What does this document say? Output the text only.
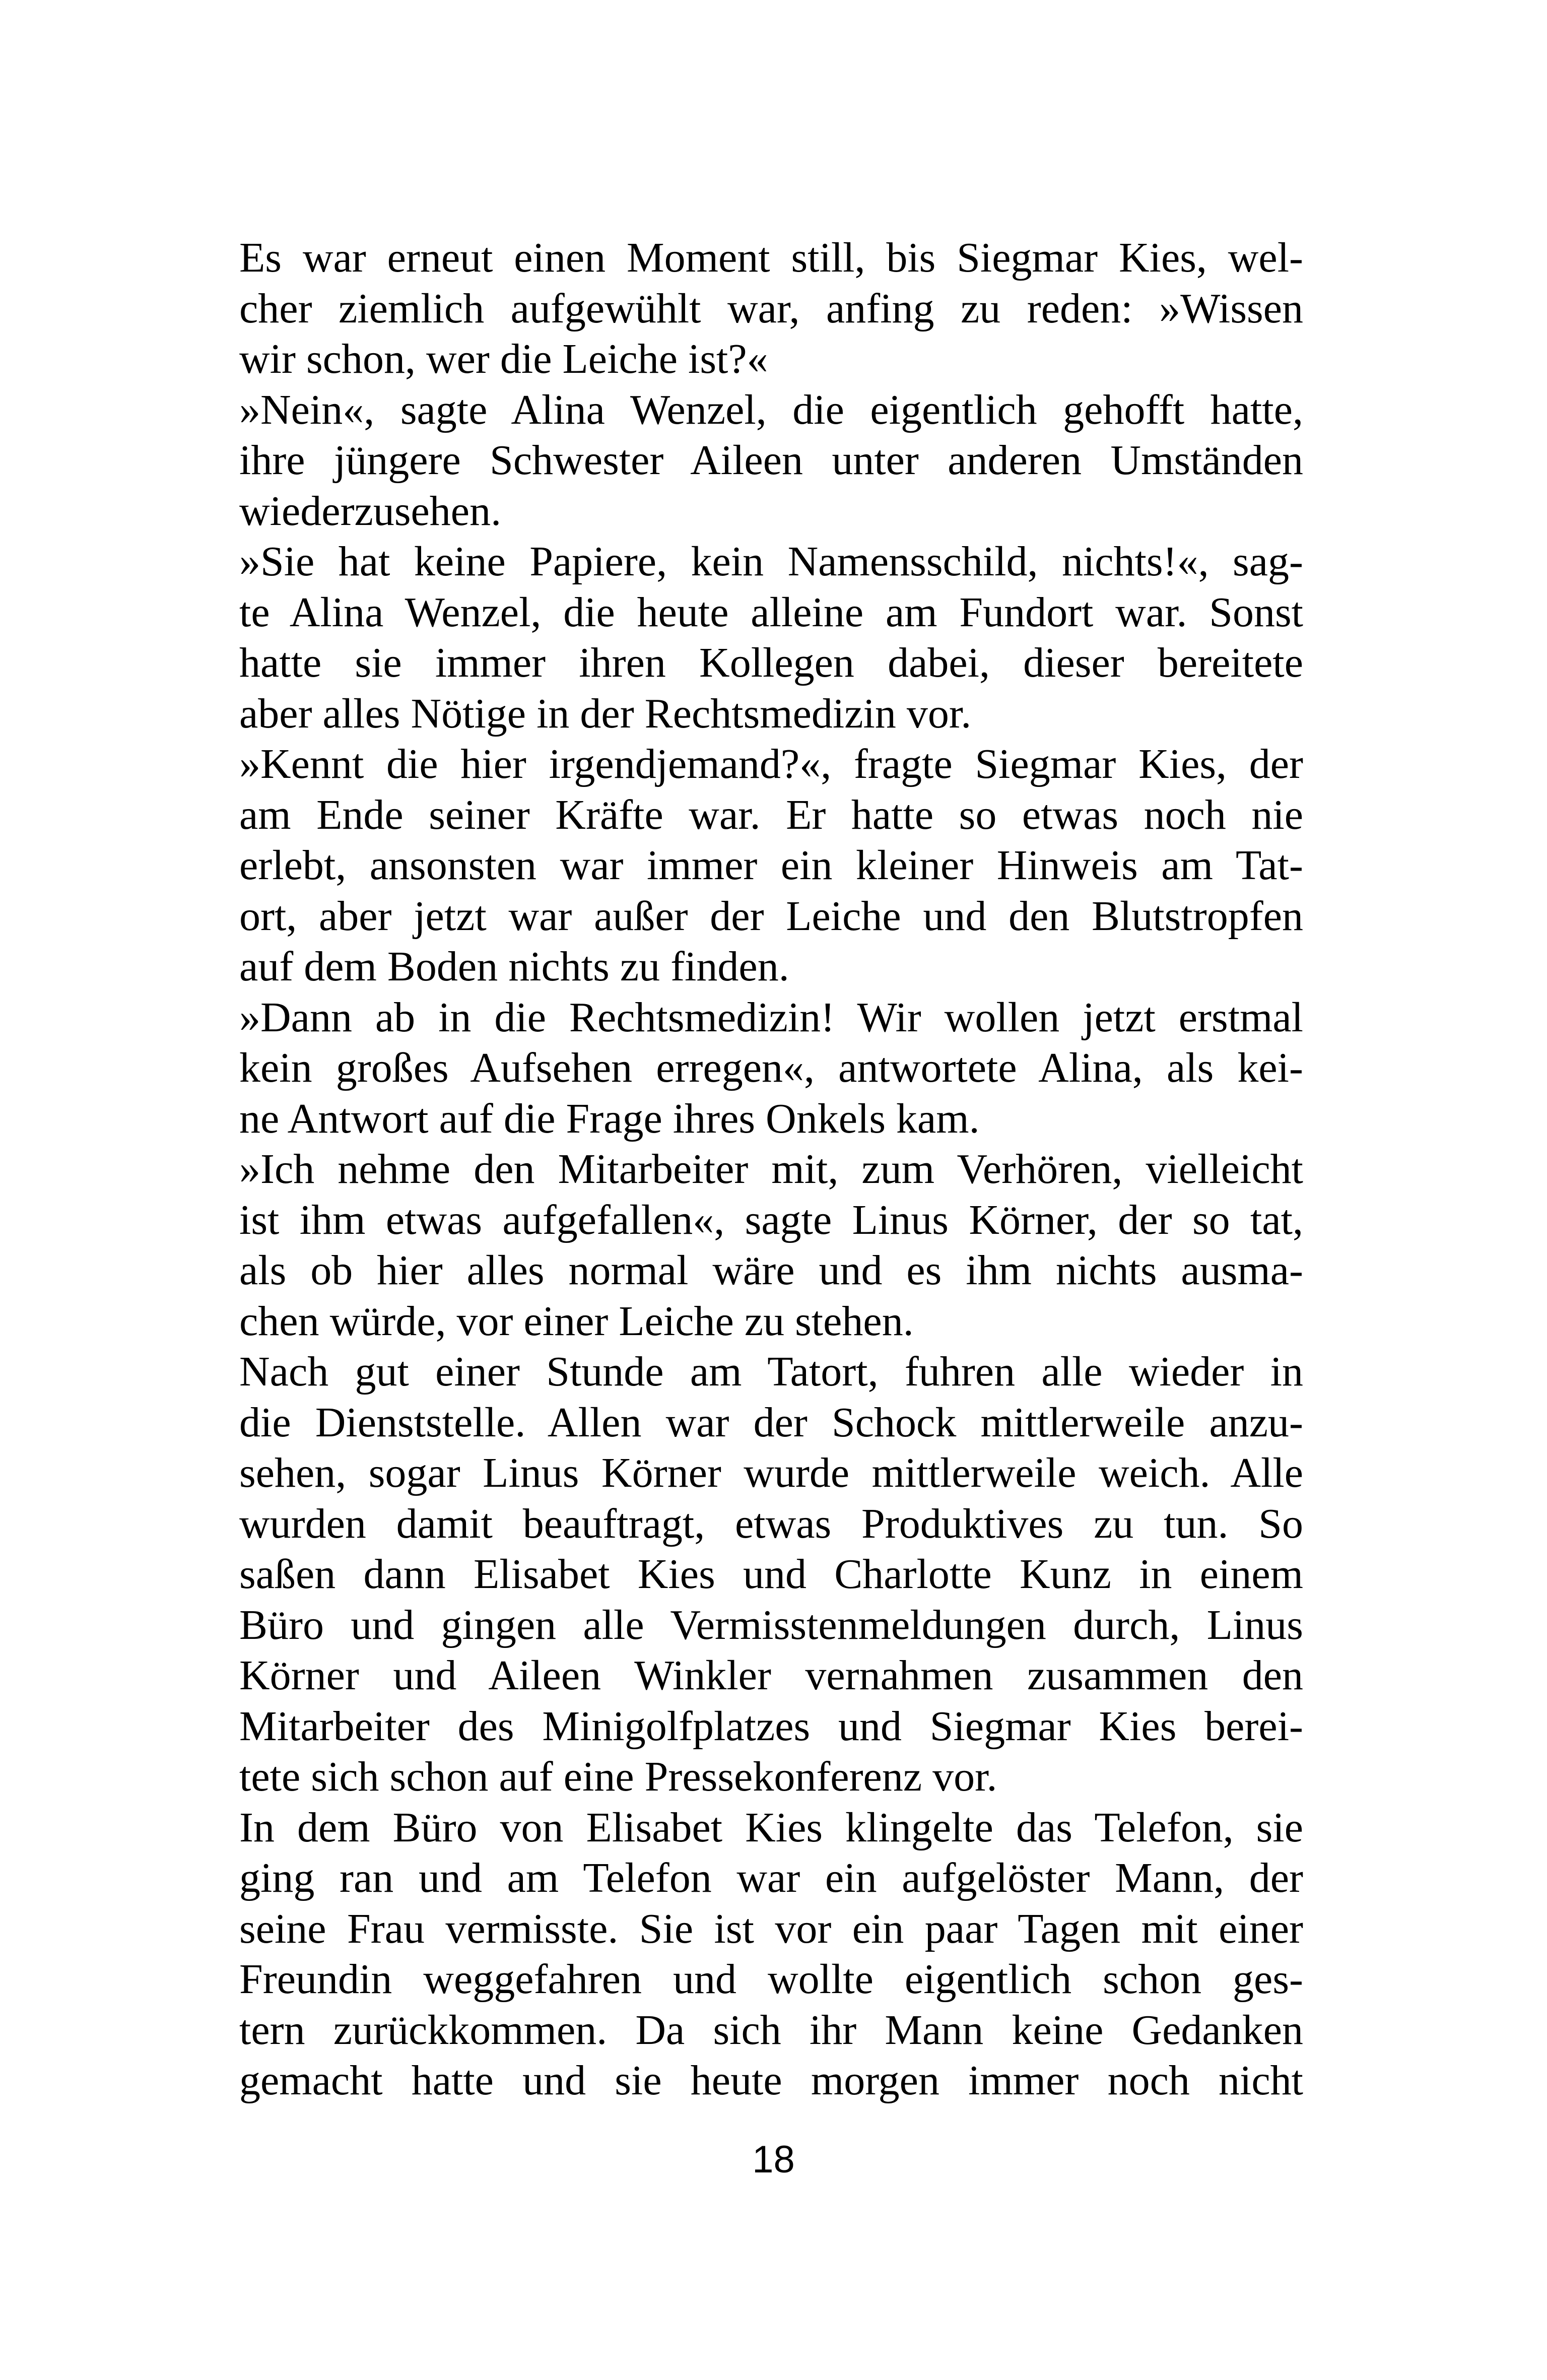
Es war erneut einen Moment still, bis Siegmar Kies, wel-
cher ziemlich aufgewühlt war, anfing zu reden: »Wissen
wir schon, wer die Leiche ist?«
»Nein«, sagte Alina Wenzel, die eigentlich gehofft hatte,
ihre jüngere Schwester Aileen unter anderen Umständen
wiederzusehen.
»Sie hat keine Papiere, kein Namensschild, nichts!«, sag-
te Alina Wenzel, die heute alleine am Fundort war. Sonst
hatte sie immer ihren Kollegen dabei, dieser bereitete
aber alles Nötige in der Rechtsmedizin vor.
»Kennt die hier irgendjemand?«, fragte Siegmar Kies, der
am Ende seiner Kräfte war. Er hatte so etwas noch nie
erlebt, ansonsten war immer ein kleiner Hinweis am Tat-
ort, aber jetzt war außer der Leiche und den Blutstropfen
auf dem Boden nichts zu finden.
»Dann ab in die Rechtsmedizin! Wir wollen jetzt erstmal
kein großes Aufsehen erregen«, antwortete Alina, als kei-
ne Antwort auf die Frage ihres Onkels kam.
»Ich nehme den Mitarbeiter mit, zum Verhören, vielleicht
ist ihm etwas aufgefallen«, sagte Linus Körner, der so tat,
als ob hier alles normal wäre und es ihm nichts ausma-
chen würde, vor einer Leiche zu stehen.
Nach gut einer Stunde am Tatort, fuhren alle wieder in
die Dienststelle. Allen war der Schock mittlerweile anzu-
sehen, sogar Linus Körner wurde mittlerweile weich. Alle
wurden damit beauftragt, etwas Produktives zu tun. So
saßen dann Elisabet Kies und Charlotte Kunz in einem
Büro und gingen alle Vermisstenmeldungen durch, Linus
Körner und Aileen Winkler vernahmen zusammen den
Mitarbeiter des Minigolfplatzes und Siegmar Kies berei-
tete sich schon auf eine Pressekonferenz vor.
In dem Büro von Elisabet Kies klingelte das Telefon, sie
ging ran und am Telefon war ein aufgelöster Mann, der
seine Frau vermisste. Sie ist vor ein paar Tagen mit einer
Freundin weggefahren und wollte eigentlich schon ges-
tern zurückkommen. Da sich ihr Mann keine Gedanken
gemacht hatte und sie heute morgen immer noch nicht
18
